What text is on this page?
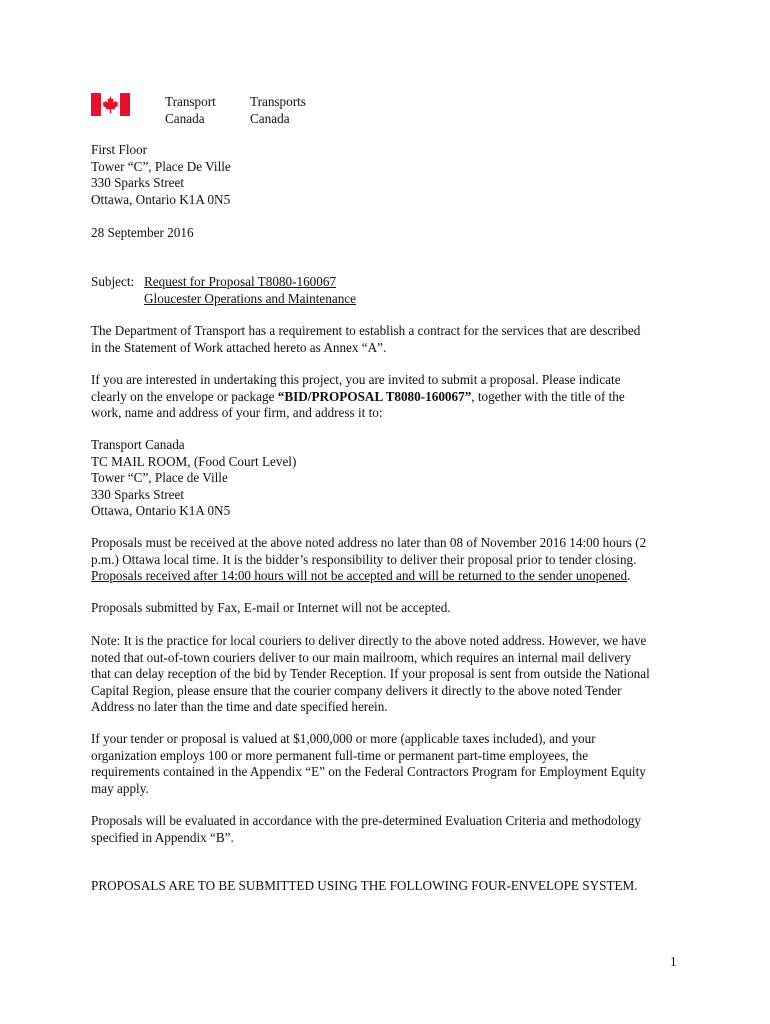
Transport
Canada
Transports
Canada
First Floor
Tower “C”, Place De Ville
330 Sparks Street
Ottawa, Ontario K1A 0N5
28 September 2016
Subject: Request for Proposal T8080-160067
Gloucester Operations and Maintenance
The Department of Transport has a requirement to establish a contract for the services that are described
in the Statement of Work attached hereto as Annex “A”.
If you are interested in undertaking this project, you are invited to submit a proposal. Please indicate
clearly on the envelope or package “BID/PROPOSAL T8080-160067”, together with the title of the
work, name and address of your firm, and address it to:
Transport Canada
TC MAIL ROOM, (Food Court Level)
Tower “C”, Place de Ville
330 Sparks Street
Ottawa, Ontario K1A 0N5
Proposals must be received at the above noted address no later than 08 of November 2016 14:00 hours (2
p.m.) Ottawa local time. It is the bidder’s responsibility to deliver their proposal prior to tender closing.
Proposals received after 14:00 hours will not be accepted and will be returned to the sender unopened.
Proposals submitted by Fax, E-mail or Internet will not be accepted.
Note: It is the practice for local couriers to deliver directly to the above noted address. However, we have
noted that out-of-town couriers deliver to our main mailroom, which requires an internal mail delivery
that can delay reception of the bid by Tender Reception. If your proposal is sent from outside the National
Capital Region, please ensure that the courier company delivers it directly to the above noted Tender
Address no later than the time and date specified herein.
If your tender or proposal is valued at $1,000,000 or more (applicable taxes included), and your
organization employs 100 or more permanent full-time or permanent part-time employees, the
requirements contained in the Appendix “E” on the Federal Contractors Program for Employment Equity
may apply.
Proposals will be evaluated in accordance with the pre-determined Evaluation Criteria and methodology
specified in Appendix “B”.
PROPOSALS ARE TO BE SUBMITTED USING THE FOLLOWING FOUR-ENVELOPE SYSTEM.
1
